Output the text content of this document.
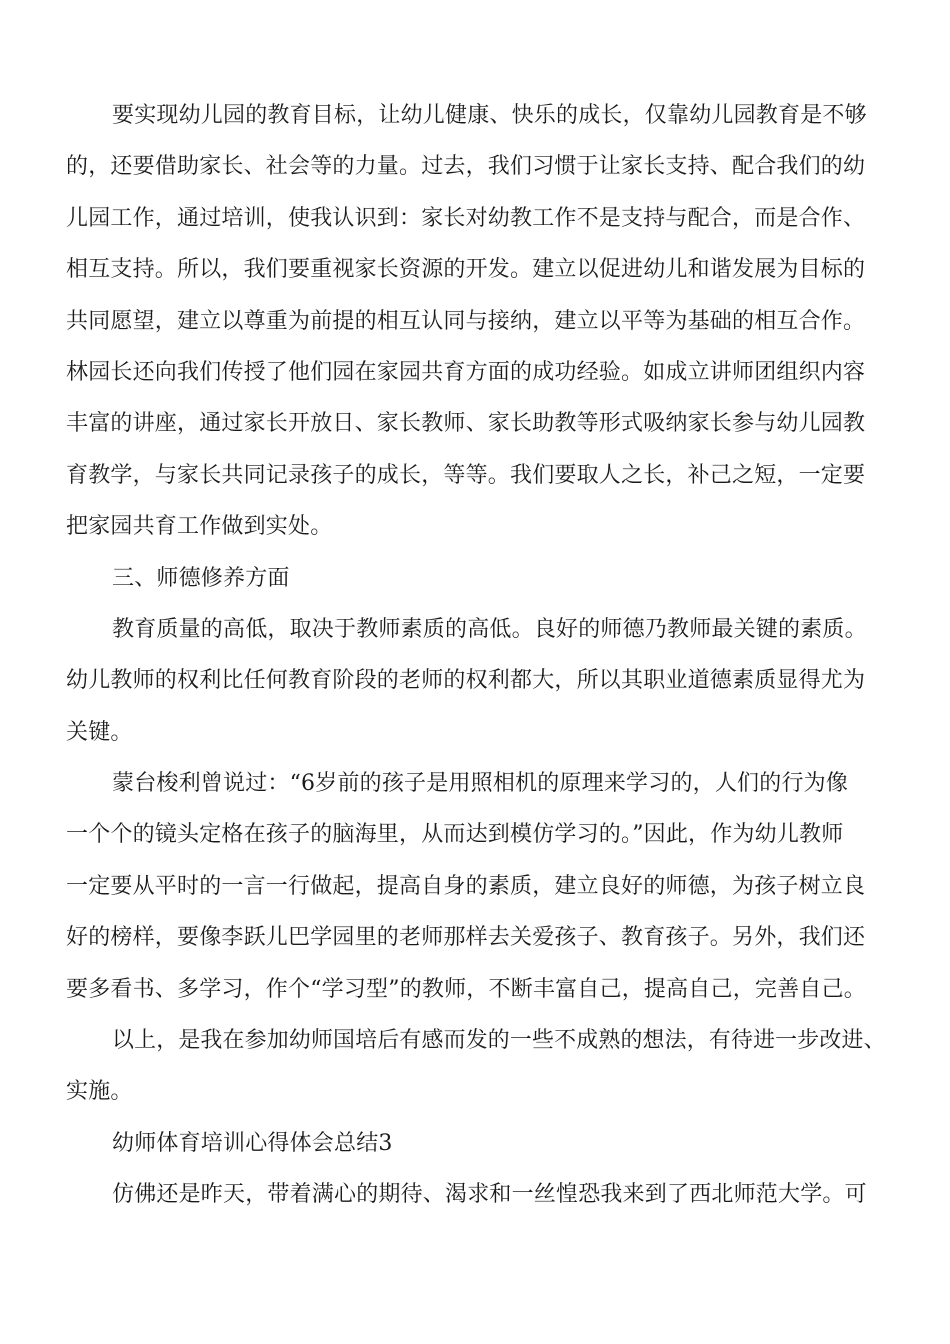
要实现幼儿园的教育目标，让幼儿健康、快乐的成长，仅靠幼儿园教育是不够
的，还要借助家长、社会等的力量。过去，我们习惯于让家长支持、配合我们的幼
儿园工作，通过培训，使我认识到：家长对幼教工作不是支持与配合，而是合作、
相互支持。所以，我们要重视家长资源的开发。建立以促进幼儿和谐发展为目标的
共同愿望，建立以尊重为前提的相互认同与接纳，建立以平等为基础的相互合作。
林园长还向我们传授了他们园在家园共育方面的成功经验。如成立讲师团组织内容
丰富的讲座，通过家长开放日、家长教师、家长助教等形式吸纳家长参与幼儿园教
育教学，与家长共同记录孩子的成长，等等。我们要取人之长，补己之短，一定要
把家园共育工作做到实处。
三、师德修养方面
教育质量的高低，取决于教师素质的高低。良好的师德乃教师最关键的素质。
幼儿教师的权利比任何教育阶段的老师的权利都大，所以其职业道德素质显得尤为
关键。
蒙台梭利曾说过：“6岁前的孩子是用照相机的原理来学习的，人们的行为像
一个个的镜头定格在孩子的脑海里，从而达到模仿学习的。”因此，作为幼儿教师
一定要从平时的一言一行做起，提高自身的素质，建立良好的师德，为孩子树立良
好的榜样，要像李跃儿巴学园里的老师那样去关爱孩子、教育孩子。另外，我们还
要多看书、多学习，作个“学习型”的教师，不断丰富自己，提高自己，完善自己。
以上，是我在参加幼师国培后有感而发的一些不成熟的想法，有待进一步改进、
实施。
幼师体育培训心得体会总结3
仿佛还是昨天，带着满心的期待、渴求和一丝惶恐我来到了西北师范大学。可
